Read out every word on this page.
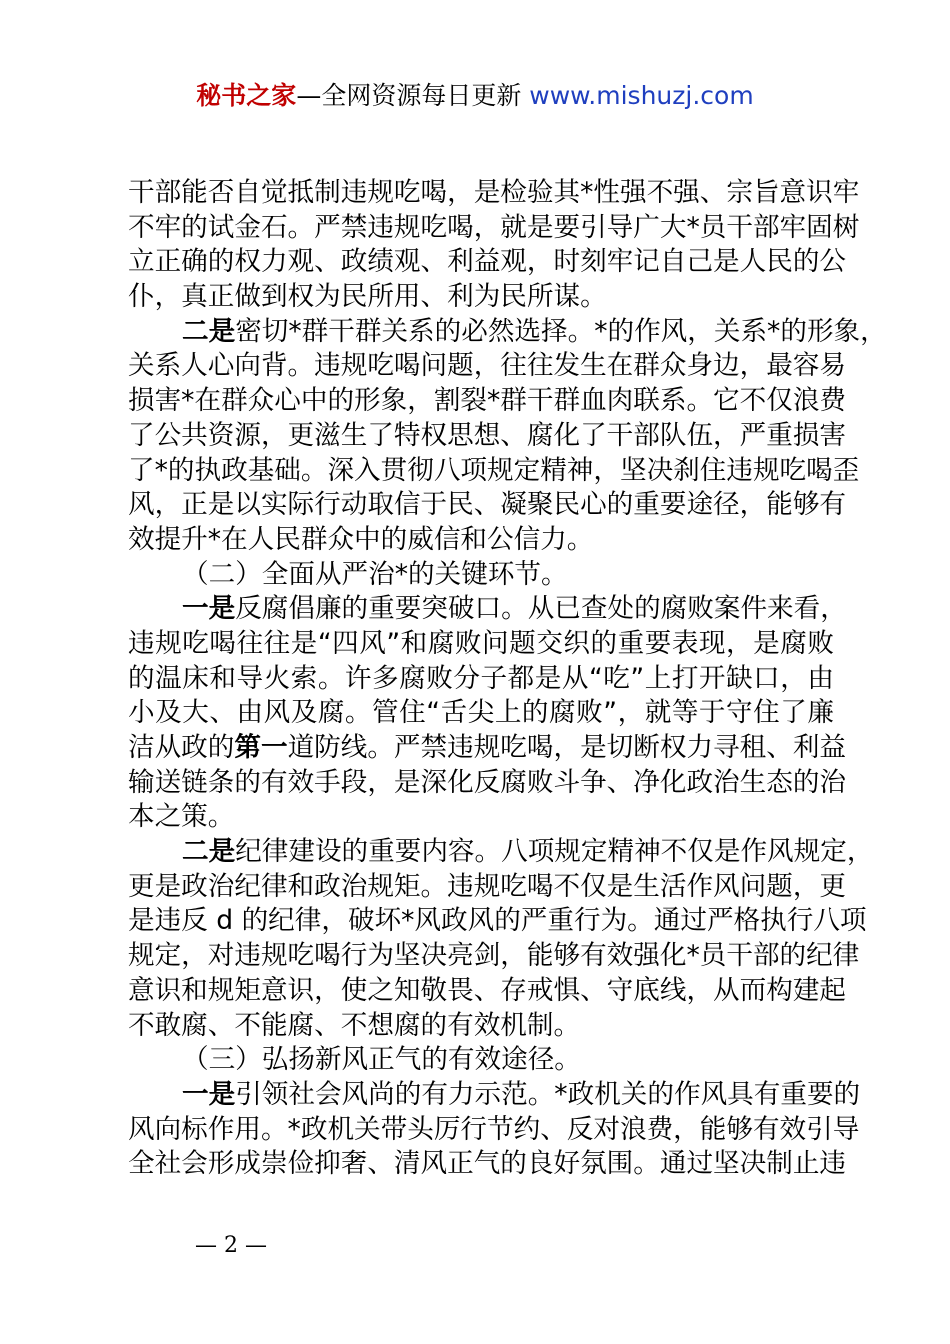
秘书之家—全网资源每日更新 www.mishuzj.com
干部能否自觉抵制违规吃喝，是检验其*性强不强、宗旨意识牢
不牢的试金石。严禁违规吃喝，就是要引导广大*员干部牢固树
立正确的权力观、政绩观、利益观，时刻牢记自己是人民的公
仆，真正做到权为民所用、利为民所谋。
二是密切*群干群关系的必然选择。*的作风，关系*的形象，
关系人心向背。违规吃喝问题，往往发生在群众身边，最容易
损害*在群众心中的形象，割裂*群干群血肉联系。它不仅浪费
了公共资源，更滋生了特权思想、腐化了干部队伍，严重损害
了*的执政基础。深入贯彻八项规定精神，坚决刹住违规吃喝歪
风，正是以实际行动取信于民、凝聚民心的重要途径，能够有
效提升*在人民群众中的威信和公信力。
（二）全面从严治*的关键环节。
一是反腐倡廉的重要突破口。从已查处的腐败案件来看，
违规吃喝往往是“四风”和腐败问题交织的重要表现，是腐败
的温床和导火索。许多腐败分子都是从“吃”上打开缺口，由
小及大、由风及腐。管住“舌尖上的腐败”，就等于守住了廉
洁从政的第一道防线。严禁违规吃喝，是切断权力寻租、利益
输送链条的有效手段，是深化反腐败斗争、净化政治生态的治
本之策。
二是纪律建设的重要内容。八项规定精神不仅是作风规定，
更是政治纪律和政治规矩。违规吃喝不仅是生活作风问题，更
是违反 d 的纪律，破坏*风政风的严重行为。通过严格执行八项
规定，对违规吃喝行为坚决亮剑，能够有效强化*员干部的纪律
意识和规矩意识，使之知敬畏、存戒惧、守底线，从而构建起
不敢腐、不能腐、不想腐的有效机制。
（三）弘扬新风正气的有效途径。
一是引领社会风尚的有力示范。*政机关的作风具有重要的
风向标作用。*政机关带头厉行节约、反对浪费，能够有效引导
全社会形成崇俭抑奢、清风正气的良好氛围。通过坚决制止违
— 2 —
